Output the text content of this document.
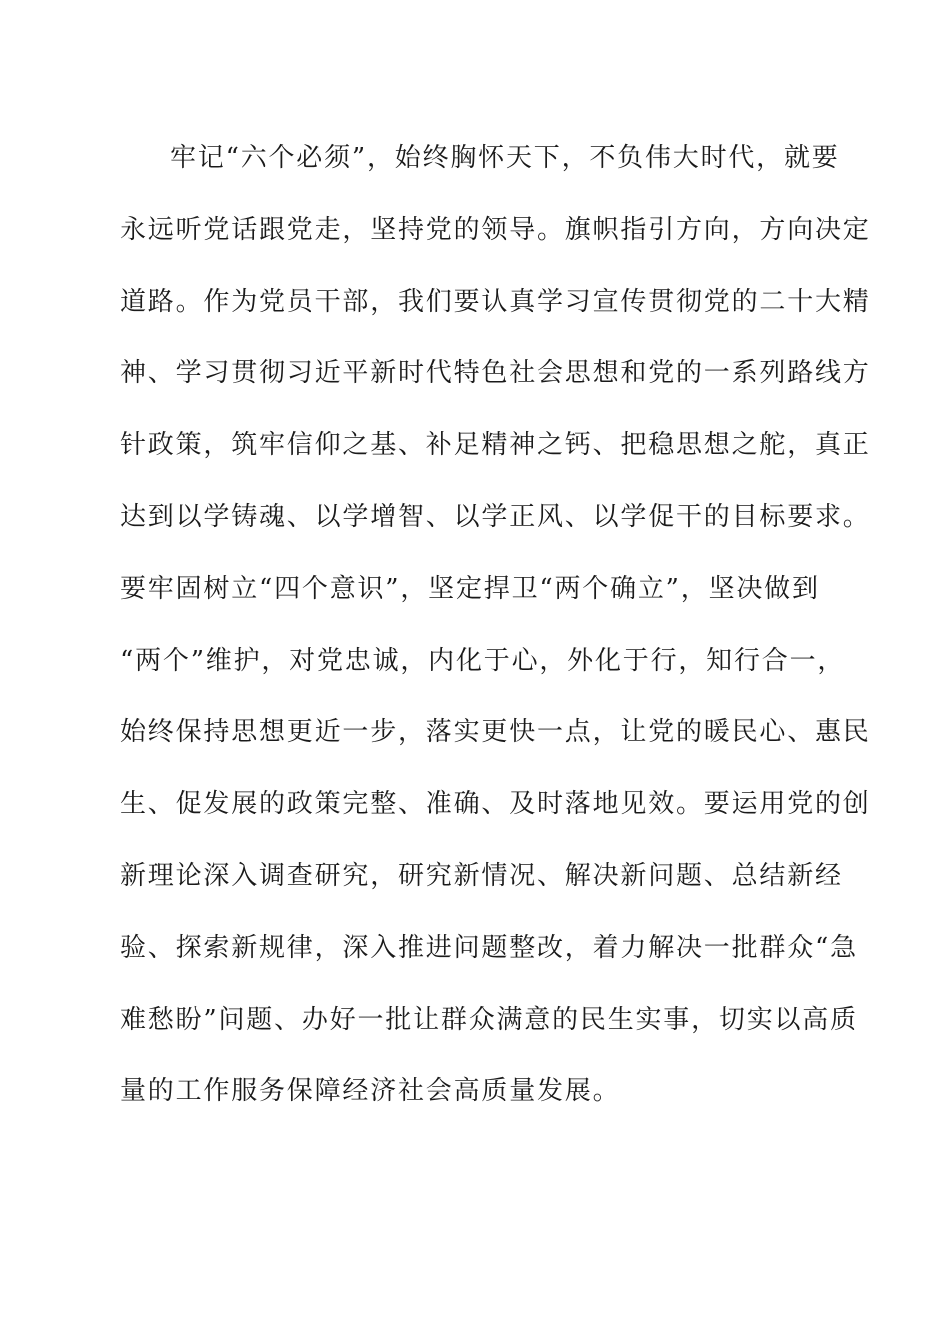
牢记“六个必须”，始终胸怀天下，不负伟大时代，就要
永远听党话跟党走，坚持党的领导。旗帜指引方向，方向决定
道路。作为党员干部，我们要认真学习宣传贯彻党的二十大精
神、学习贯彻习近平新时代特色社会思想和党的一系列路线方
针政策，筑牢信仰之基、补足精神之钙、把稳思想之舵，真正
达到以学铸魂、以学增智、以学正风、以学促干的目标要求。
要牢固树立“四个意识”，坚定捍卫“两个确立”，坚决做到
“两个”维护，对党忠诚，内化于心，外化于行，知行合一，
始终保持思想更近一步，落实更快一点，让党的暖民心、惠民
生、促发展的政策完整、准确、及时落地见效。要运用党的创
新理论深入调查研究，研究新情况、解决新问题、总结新经
验、探索新规律，深入推进问题整改，着力解决一批群众“急
难愁盼”问题、办好一批让群众满意的民生实事，切实以高质
量的工作服务保障经济社会高质量发展。
